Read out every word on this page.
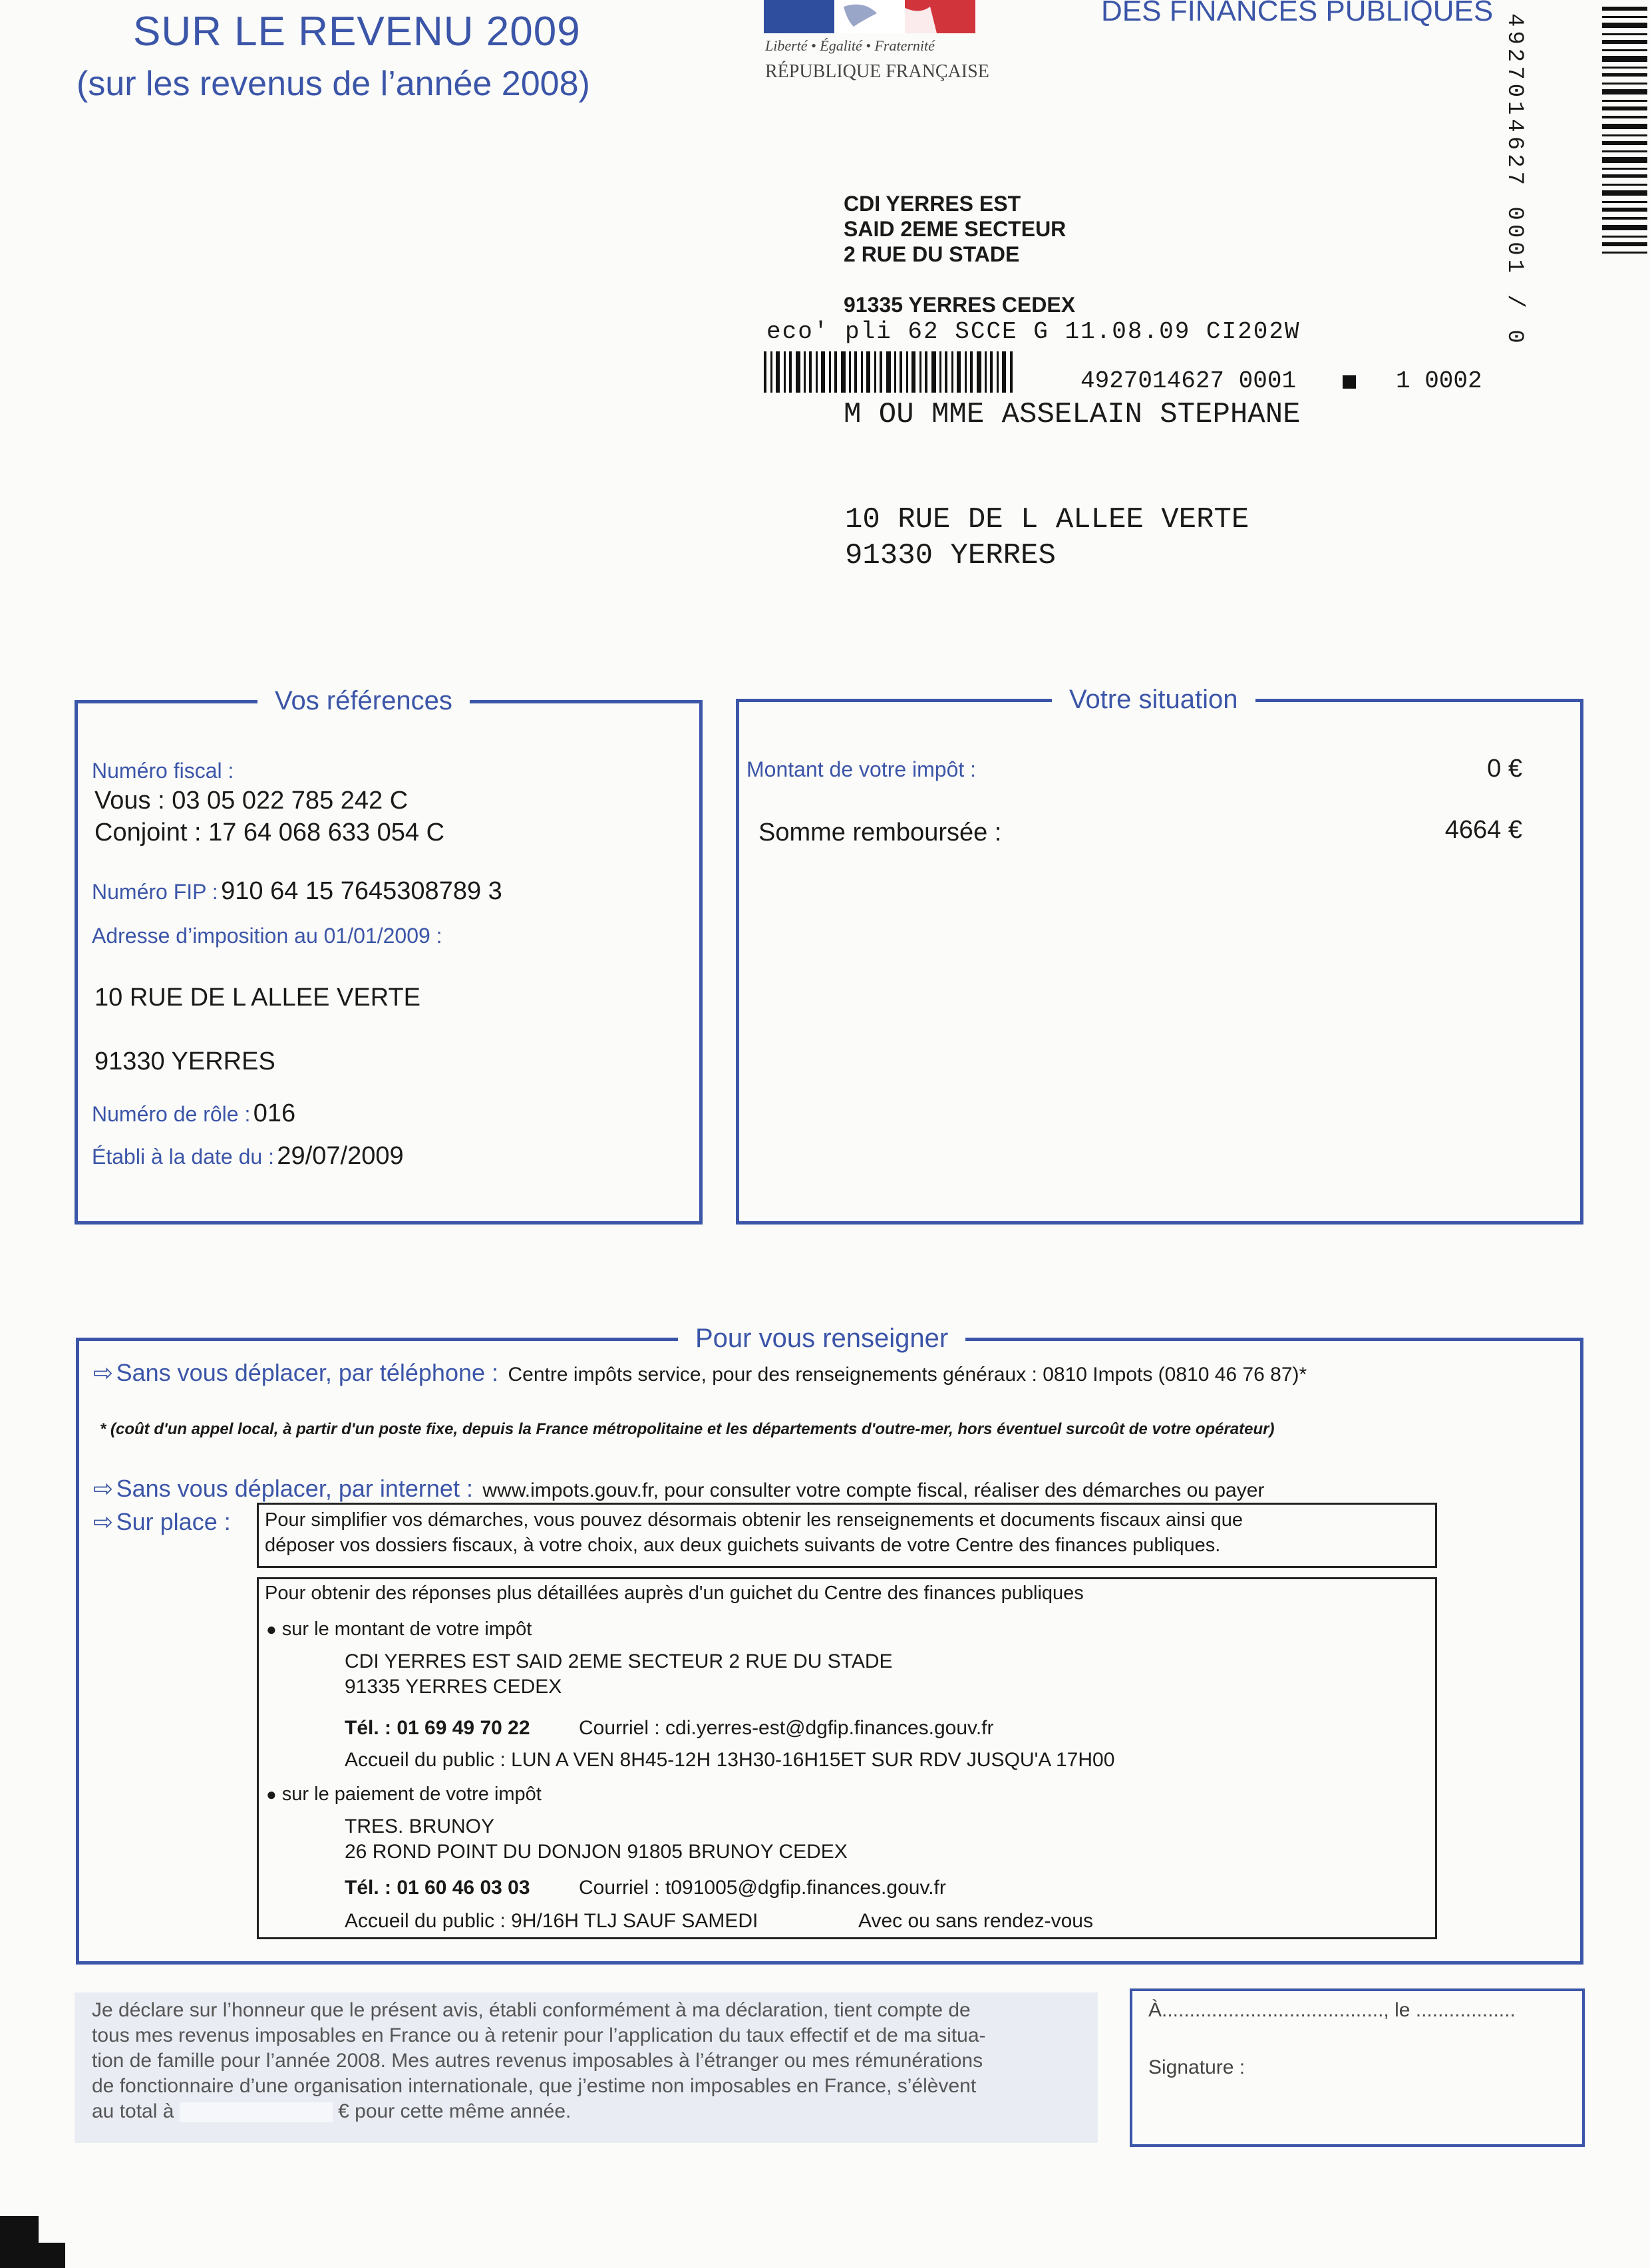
SUR LE REVENU 2009
(sur les revenus de l’année 2008)
Liberté • Égalité • Fraternité
RÉPUBLIQUE FRANÇAISE
DES FINANCES PUBLIQUES
4927014627 0001 / 0
CDI YERRES EST
SAID 2EME SECTEUR
2 RUE DU STADE
91335 YERRES CEDEX
eco' pli 62 SCCE G 11.08.09 CI202W
4927014627 0001	1 0002
M OU MME ASSELAIN STEPHANE
10 RUE DE L ALLEE VERTE
91330 YERRES
Vos références
Numéro fiscal :
Vous : 03 05 022 785 242 C
Conjoint : 17 64 068 633 054 C
Numéro FIP : 910 64 15 7645308789 3
Adresse d’imposition au 01/01/2009 :
10 RUE DE L ALLEE VERTE
91330 YERRES
Numéro de rôle : 016
Établi à la date du : 29/07/2009
Votre situation
Montant de votre impôt :	0 €
Somme remboursée :	4664 €
Pour vous renseigner
⇨ Sans vous déplacer, par téléphone : Centre impôts service, pour des renseignements généraux : 0810 Impots (0810 46 76 87)*
* (coût d'un appel local, à partir d'un poste fixe, depuis la France métropolitaine et les départements d'outre-mer, hors éventuel surcoût de votre opérateur)
⇨ Sans vous déplacer, par internet : www.impots.gouv.fr, pour consulter votre compte fiscal, réaliser des démarches ou payer
⇨ Sur place : Pour simplifier vos démarches, vous pouvez désormais obtenir les renseignements et documents fiscaux ainsi que
déposer vos dossiers fiscaux, à votre choix, aux deux guichets suivants de votre Centre des finances publiques.
Pour obtenir des réponses plus détaillées auprès d'un guichet du Centre des finances publiques
● sur le montant de votre impôt
CDI YERRES EST SAID 2EME SECTEUR 2 RUE DU STADE
91335 YERRES CEDEX
Tél. : 01 69 49 70 22 Courriel : cdi.yerres-est@dgfip.finances.gouv.fr
Accueil du public : LUN A VEN 8H45-12H 13H30-16H15ET SUR RDV JUSQU'A 17H00
● sur le paiement de votre impôt
TRES. BRUNOY
26 ROND POINT DU DONJON 91805 BRUNOY CEDEX
Tél. : 01 60 46 03 03 Courriel : t091005@dgfip.finances.gouv.fr
Accueil du public : 9H/16H TLJ SAUF SAMEDI	Avec ou sans rendez-vous
Je déclare sur l’honneur que le présent avis, établi conformément à ma déclaration, tient compte de
tous mes revenus imposables en France ou à retenir pour l’application du taux effectif et de ma situa-
tion de famille pour l’année 2008. Mes autres revenus imposables à l’étranger ou mes rémunérations
de fonctionnaire d’une organisation internationale, que j’estime non imposables en France, s’élèvent
au total à	€ pour cette même année.
À........................................, le ..................
Signature :
